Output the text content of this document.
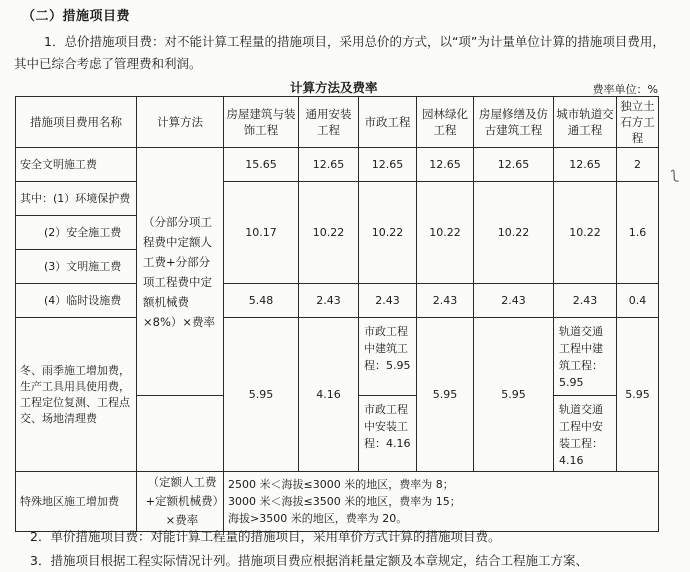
（二）措施项目费
1．总价措施项目费：对不能计算工程量的措施项目，采用总价的方式，以“项”为计量单位计算的措施项目费用，其中已综合考虑了管理费和利润。
计算方法及费率	费率单位：%
措施项目费用名称	计算方法	房屋建筑与装饰工程	通用安装工程	市政工程	园林绿化工程	房屋修缮及仿古建筑工程	城市轨道交通工程	独立土石方工程
安全文明施工费	（分部分项工程费中定额人工费+分部分项工程费中定额机械费×8%）×费率	15.65	12.65	12.65	12.65	12.65	12.65	2
其中：(1）环境保护费		10.17	10.22	10.22	10.22	10.22	10.22	1.6
(2）安全施工费								
(3）文明施工费								
(4）临时设施费		5.48	2.43	2.43	2.43	2.43	2.43	0.4
冬、雨季施工增加费，生产工具用具使用费，工程定位复测、工程点交、场地清理费		5.95	4.16	市政工程中建筑工程：5.95	5.95	5.95	轨道交通工程中建筑工程：5.95	5.95
				市政工程中安装工程：4.16			轨道交通工程中安装工程：4.16	
特殊地区施工增加费	（定额人工费+定额机械费）×费率	2500 米＜海拔≤3000 米的地区，费率为 8；
3000 米＜海拔≤3500 米的地区，费率为 15；
海拔>3500 米的地区，费率为 20。						
2．单价措施项目费：对能计算工程量的措施项目，采用单价方式计算的措施项目费。
3．措施项目根据工程实际情况计列。措施项目费应根据消耗量定额及本章规定，结合工程施工方案、
⟅
